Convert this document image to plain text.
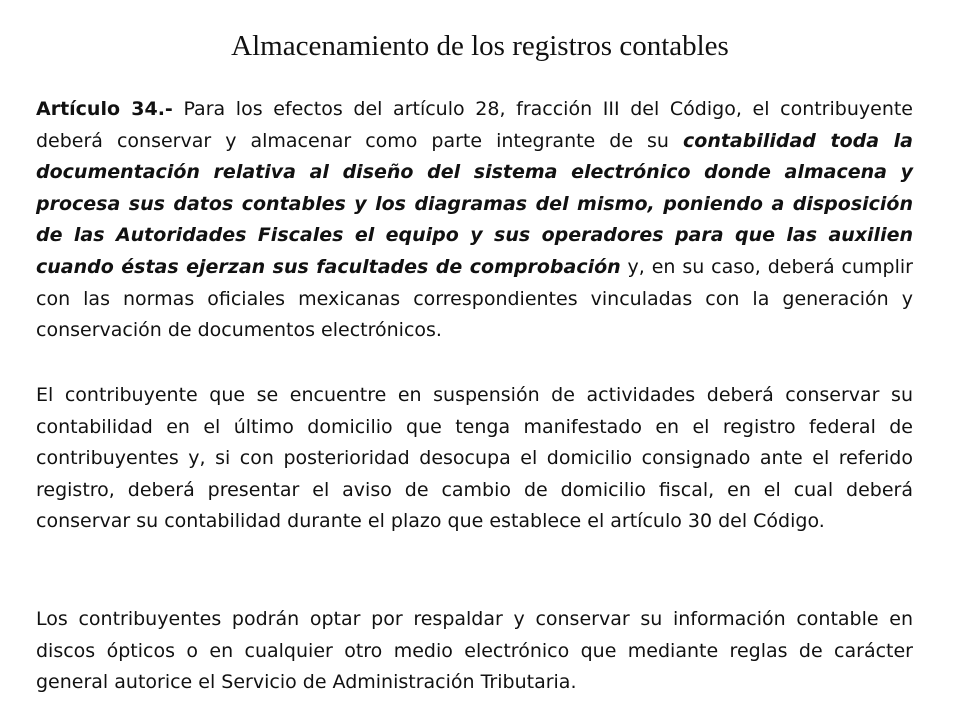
Almacenamiento de los registros contables

Artículo 34.- Para los efectos del artículo 28, fracción III del Código, el contribuyente deberá conservar y almacenar como parte integrante de su contabilidad toda la documentación relativa al diseño del sistema electrónico donde almacena y procesa sus datos contables y los diagramas del mismo, poniendo a disposición de las Autoridades Fiscales el equipo y sus operadores para que las auxilien cuando éstas ejerzan sus facultades de comprobación y, en su caso, deberá cumplir con las normas oficiales mexicanas correspondientes vinculadas con la generación y conservación de documentos electrónicos.

El contribuyente que se encuentre en suspensión de actividades deberá conservar su contabilidad en el último domicilio que tenga manifestado en el registro federal de contribuyentes y, si con posterioridad desocupa el domicilio consignado ante el referido registro, deberá presentar el aviso de cambio de domicilio fiscal, en el cual deberá conservar su contabilidad durante el plazo que establece el artículo 30 del Código.

Los contribuyentes podrán optar por respaldar y conservar su información contable en discos ópticos o en cualquier otro medio electrónico que mediante reglas de carácter general autorice el Servicio de Administración Tributaria.
